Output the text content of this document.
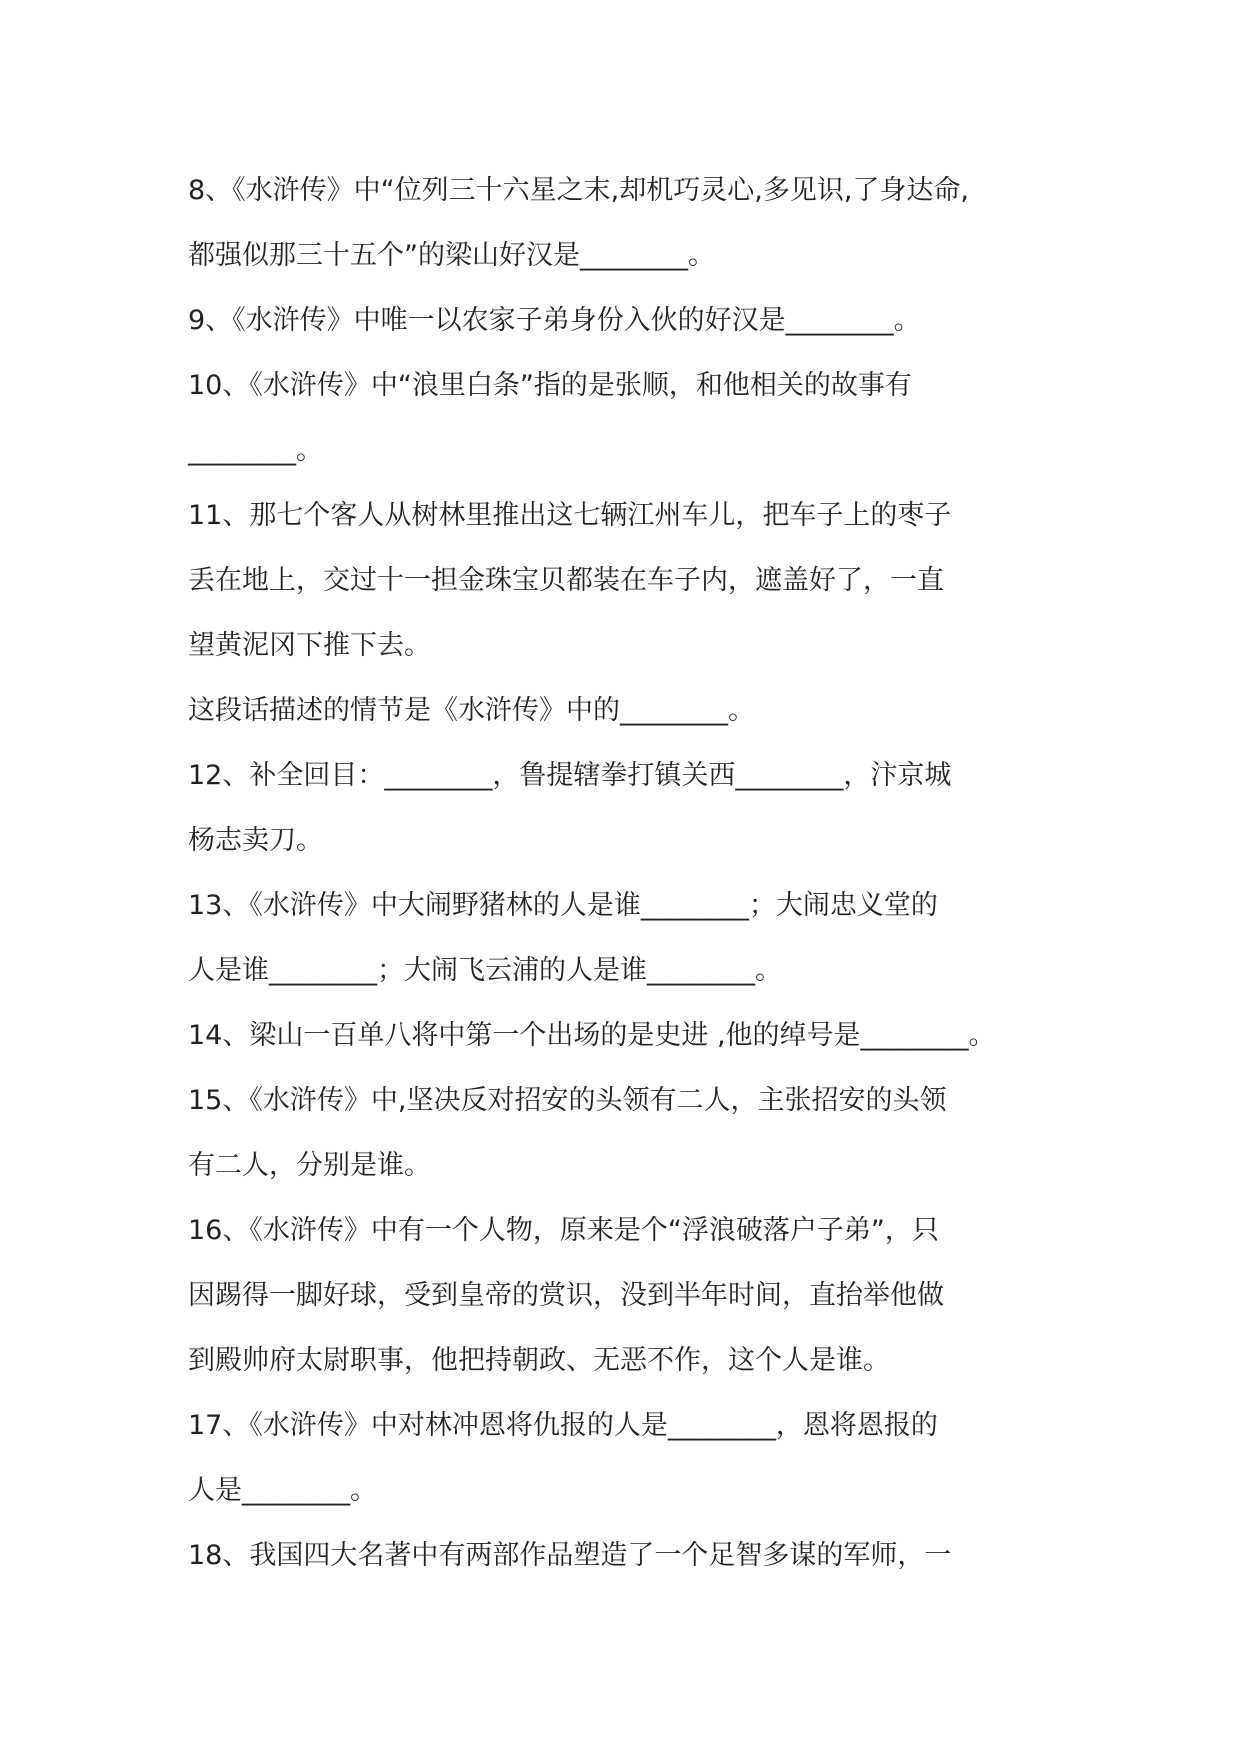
8、《水浒传》中“位列三十六星之末,却机巧灵心,多见识,了身达命,
都强似那三十五个”的梁山好汉是________。
9、《水浒传》中唯一以农家子弟身份入伙的好汉是________。
10、《水浒传》中“浪里白条”指的是张顺，和他相关的故事有
________。
11、那七个客人从树林里推出这七辆江州车儿，把车子上的枣子
丢在地上，交过十一担金珠宝贝都装在车子内，遮盖好了，一直
望黄泥冈下推下去。
这段话描述的情节是《水浒传》中的________。
12、补全回目：________，鲁提辖拳打镇关西________，汴京城
杨志卖刀。
13、《水浒传》中大闹野猪林的人是谁________；大闹忠义堂的
人是谁________；大闹飞云浦的人是谁________。
14、梁山一百单八将中第一个出场的是史进 ,他的绰号是________。
15、《水浒传》中,坚决反对招安的头领有二人，主张招安的头领
有二人，分别是谁。
16、《水浒传》中有一个人物，原来是个“浮浪破落户子弟”，只
因踢得一脚好球，受到皇帝的赏识，没到半年时间，直抬举他做
到殿帅府太尉职事，他把持朝政、无恶不作，这个人是谁。
17、《水浒传》中对林冲恩将仇报的人是________，恩将恩报的
人是________。
18、我国四大名著中有两部作品塑造了一个足智多谋的军师，一
